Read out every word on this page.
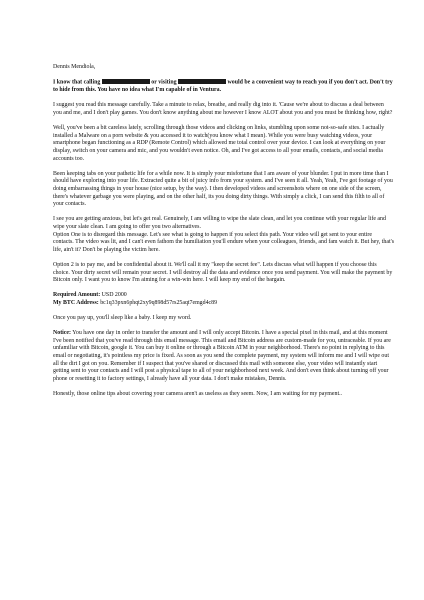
Dennis Mendiola,

I know that calling	or visiting	would be a convenient way to reach you if you don't act. Don't try to hide from this. You have no idea what I'm capable of in Ventura.

I suggest you read this message carefully. Take a minute to relax, breathe, and really dig into it. 'Cause we're about to discuss a deal between you and me, and I don't play games. You don't know anything about me however I know ALOT about you and you must be thinking how, right?

Well, you've been a bit careless lately, scrolling through those videos and clicking on links, stumbling upon some not-so-safe sites. I actually installed a Malware on a porn website & you accessed it to watch(you know what I mean). While you were busy watching videos, your smartphone began functioning as a RDP (Remote Control) which allowed me total control over your device. I can look at everything on your display, switch on your camera and mic, and you wouldn't even notice. Oh, and I've got access to all your emails, contacts, and social media accounts too.

Been keeping tabs on your pathetic life for a while now. It is simply your misfortune that I am aware of your blunder. I put in more time than I should have exploring into your life. Extracted quite a bit of juicy info from your system. and I've seen it all. Yeah, Yeah, I've got footage of you doing embarrassing things in your house (nice setup, by the way). I then developed videos and screenshots where on one side of the screen, there's whatever garbage you were playing, and on the other half, its you doing dirty things. With simply a click, I can send this filth to all of your contacts.

I see you are getting anxious, but let's get real. Genuinely, I am willing to wipe the slate clean, and let you continue with your regular life and wipe your slate clean. I am going to offer you two alternatives.
Option One is to disregard this message. Let's see what is going to happen if you select this path. Your video will get sent to your entire contacts. The video was lit, and I can't even fathom the humiliation you'll endure when your colleagues, friends, and fam watch it. But hey, that's life, ain't it? Don't be playing the victim here.

Option 2 is to pay me, and be confidential about it. We'll call it my "keep the secret fee". Lets discuss what will happen if you choose this choice. Your dirty secret will remain your secret. I will destroy all the data and evidence once you send payment. You will make the payment by Bitcoin only. I want you to know I'm aiming for a win-win here. I will keep my end of the bargain.

Required Amount: USD 2000

My BTC Address: bc1q33pxn6phqt2xy9q898d57rs25aqt7emgd4c89

Once you pay up, you'll sleep like a baby. I keep my word.

Notice: You have one day in order to transfer the amount and I will only accept Bitcoin. I have a special pixel in this mail, and at this moment I've been notified that you've read through this email message. This email and Bitcoin address are custom-made for you, untraceable. If you are unfamiliar with Bitcoin, google it. You can buy it online or through a Bitcoin ATM in your neighborhood. There's no point in replying to this email or negotiating, it's pointless my price is fixed. As soon as you send the complete payment, my system will inform me and I will wipe out all the dirt I got on you. Remember if I suspect that you've shared or discussed this mail with someone else, your video will instantly start getting sent to your contacts and I will post a physical tape to all of your neighborhood next week. And don't even think about turning off your phone or resetting it to factory settings, I already have all your data. I don't make mistakes, Dennis.

Honestly, those online tips about covering your camera aren't as useless as they seem. Now, I am waiting for my payment..
